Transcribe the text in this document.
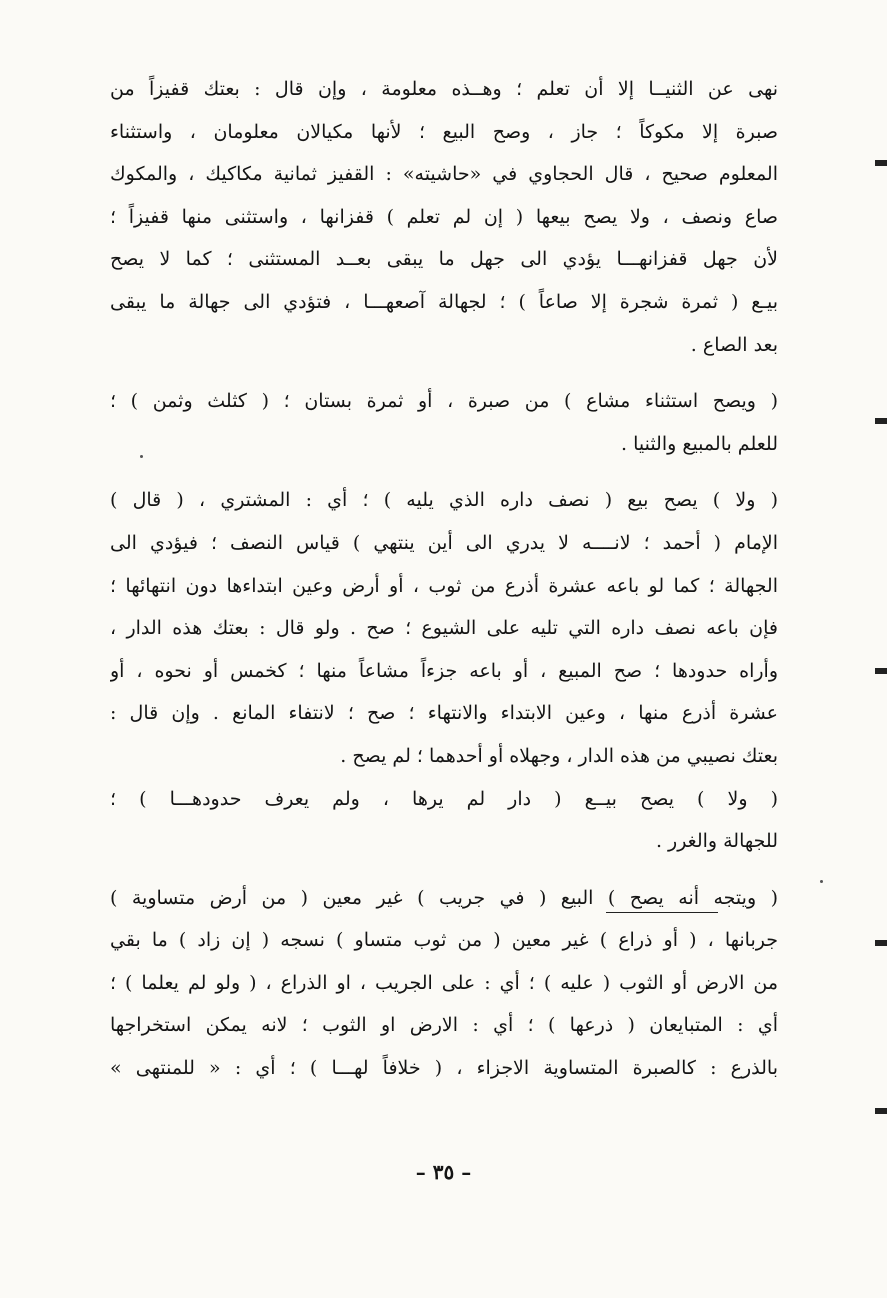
نهى عن الثنيــا إلا أن تعلم ؛ وهــذه معلومة ، وإن قال : بعتك قفيزاً من
صبرة إلا مكوكاً ؛ جاز ، وصح البيع ؛ لأنها مكيالان معلومان ، واستثناء
المعلوم صحيح ، قال الحجاوي في «حاشيته» : القفيز ثمانية مكاكيك ، والمكوك
صاع ونصف ، ولا يصح بيعها ( إن لم تعلم ) قفزانها ، واستثنى منها قفيزاً ؛
لأن جهل قفزانهـــا يؤدي الى جهل ما يبقى بعــد المستثنى ؛ كما لا يصح
بيـع ( ثمرة شجرة إلا صاعاً ) ؛ لجهالة آصعهـــا ، فتؤدي الى جهالة ما يبقى
بعد الصاع .
( ويصح استثناء مشاع ) من صبرة ، أو ثمرة بستان ؛ ( كثلث وثمن ) ؛
للعلم بالمبيع والثنيا .
( ولا ) يصح بيع ( نصف داره الذي يليه ) ؛ أي : المشتري ، ( قال )
الإمام ( أحمد ؛ لانــــه لا يدري الى أين ينتهي ) قياس النصف ؛ فيؤدي الى
الجهالة ؛ كما لو باعه عشرة أذرع من ثوب ، أو أرض وعين ابتداءها دون انتهائها ؛
فإن باعه نصف داره التي تليه على الشيوع ؛ صح . ولو قال : بعتك هذه الدار ،
وأراه حدودها ؛ صح المبيع ، أو باعه جزءاً مشاعاً منها ؛ كخمس أو نحوه ، أو
عشرة أذرع منها ، وعين الابتداء والانتهاء ؛ صح ؛ لانتفاء المانع . وإن قال :
بعتك نصيبي من هذه الدار ، وجهلاه أو أحدهما ؛ لم يصح .
( ولا ) يصح بيــع ( دار لم يرها ، ولم يعرف حدودهـــا ) ؛
للجهالة والغرر .
( ويتجه أنه يصح ) البيع ( في جريب ) غير معين ( من أرض متساوية )
جربانها ، ( أو ذراع ) غير معين ( من ثوب متساو ) نسجه ( إن زاد ) ما بقي
من الارض أو الثوب ( عليه ) ؛ أي : على الجريب ، او الذراع ، ( ولو لم يعلما ) ؛
أي : المتبايعان ( ذرعها ) ؛ أي : الارض او الثوب ؛ لانه يمكن استخراجها
بالذرع : كالصبرة المتساوية الاجزاء ، ( خلافاً لهـــا ) ؛ أي : « للمنتهى »
– ٣٥ –
